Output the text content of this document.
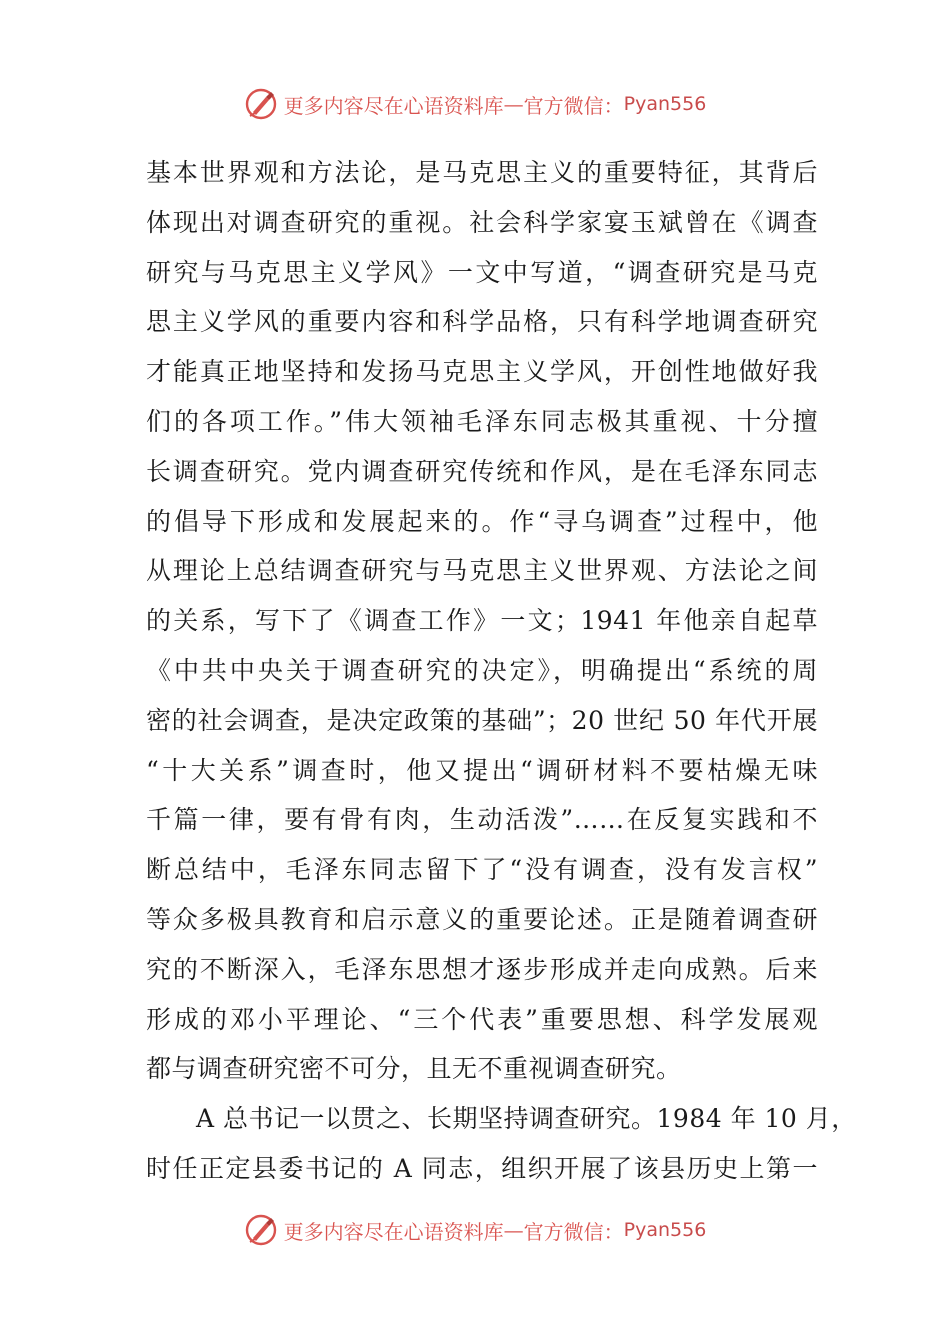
更多内容尽在心语资料库 — 官方微信： Pyan556
基本世界观和方法论，是马克思主义的重要特征，其背后
体现出对调查研究的重视。社会科学家宴玉斌曾在《调查
研究与马克思主义学风》一文中写道，“调查研究是马克
思主义学风的重要内容和科学品格，只有科学地调查研究
才能真正地坚持和发扬马克思主义学风，开创性地做好我
们的各项工作。”伟大领袖毛泽东同志极其重视、十分擅
长调查研究。党内调查研究传统和作风，是在毛泽东同志
的倡导下形成和发展起来的。作“寻乌调查”过程中，他
从理论上总结调查研究与马克思主义世界观、方法论之间
的关系，写下了《调查工作》一文；1941 年他亲自起草
《中共中央关于调查研究的决定》，明确提出“系统的周
密的社会调查，是决定政策的基础”；20 世纪 50 年代开展
“十大关系”调查时，他又提出“调研材料不要枯燥无味
千篇一律，要有骨有肉，生动活泼”……在反复实践和不
断总结中，毛泽东同志留下了“没有调查，没有发言权”
等众多极具教育和启示意义的重要论述。正是随着调查研
究的不断深入，毛泽东思想才逐步形成并走向成熟。后来
形成的邓小平理论、“三个代表”重要思想、科学发展观
都与调查研究密不可分，且无不重视调查研究。
A 总书记一以贯之、长期坚持调查研究。1984 年 10 月，
时任正定县委书记的 A 同志，组织开展了该县历史上第一
更多内容尽在心语资料库 — 官方微信： Pyan556
